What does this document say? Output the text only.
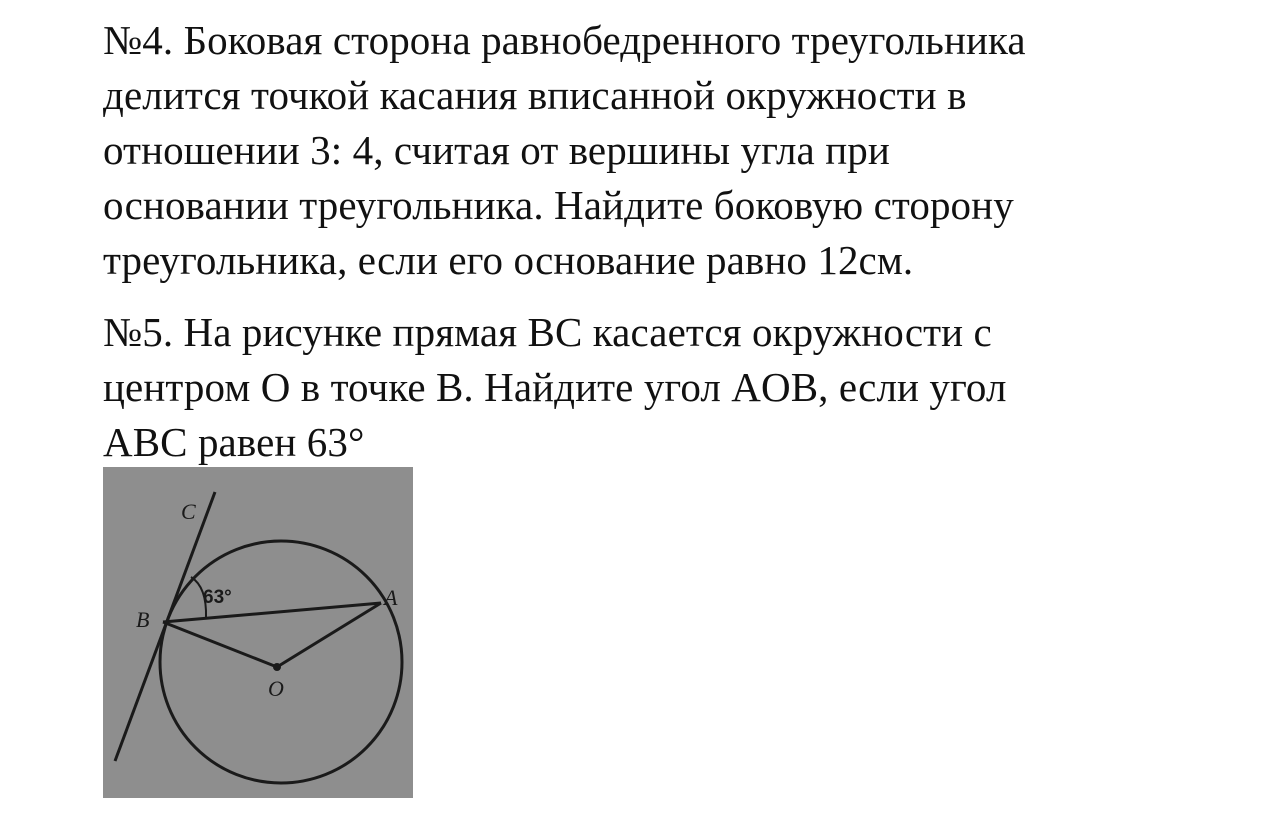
№4. Боковая сторона равнобедренного треугольника
делится точкой касания вписанной окружности в
отношении 3: 4, считая от вершины угла при
основании треугольника. Найдите боковую сторону
треугольника, если его основание равно 12см.
№5. На рисунке прямая BC касается окружности с
центром O в точке B. Найдите угол AOB, если угол
ABC равен 63°
C
A
B
O
63°
